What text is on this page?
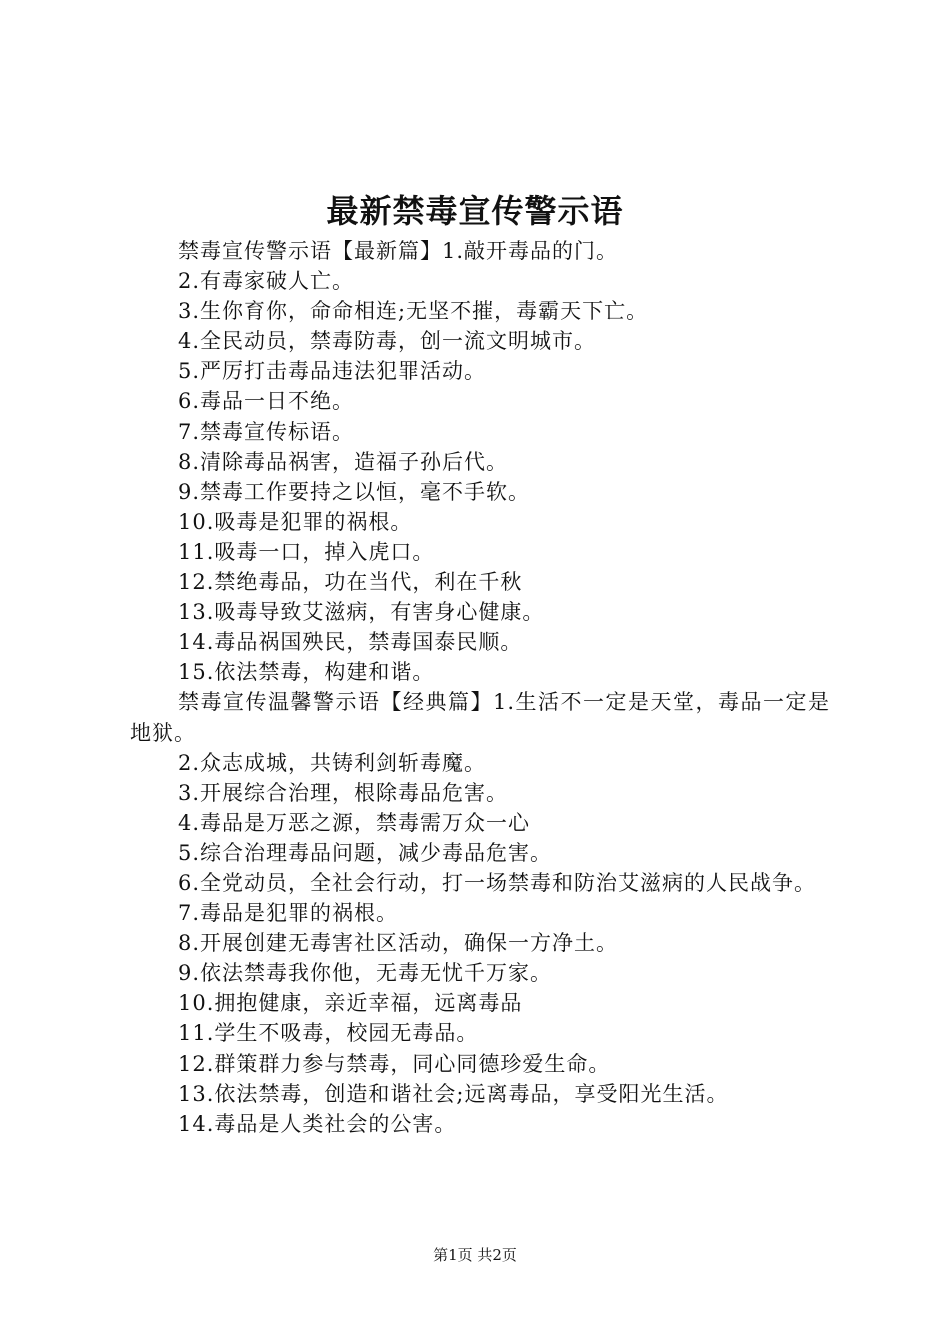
最新禁毒宣传警示语

禁毒宣传警示语【最新篇】1.敲开毒品的门。

2.有毒家破人亡。

3.生你育你，命命相连;无坚不摧，毒霸天下亡。

4.全民动员，禁毒防毒，创一流文明城市。

5.严厉打击毒品违法犯罪活动。

6.毒品一日不绝。

7.禁毒宣传标语。

8.清除毒品祸害，造福子孙后代。

9.禁毒工作要持之以恒，毫不手软。

10.吸毒是犯罪的祸根。

11.吸毒一口，掉入虎口。

12.禁绝毒品，功在当代，利在千秋

13.吸毒导致艾滋病，有害身心健康。

14.毒品祸国殃民，禁毒国泰民顺。

15.依法禁毒，构建和谐。

禁毒宣传温馨警示语【经典篇】1.生活不一定是天堂，毒品一定是地狱。

2.众志成城，共铸利剑斩毒魔。

3.开展综合治理，根除毒品危害。

4.毒品是万恶之源，禁毒需万众一心

5.综合治理毒品问题，减少毒品危害。

6.全党动员，全社会行动，打一场禁毒和防治艾滋病的人民战争。

7.毒品是犯罪的祸根。

8.开展创建无毒害社区活动，确保一方净土。

9.依法禁毒我你他，无毒无忧千万家。

10.拥抱健康，亲近幸福，远离毒品

11.学生不吸毒，校园无毒品。

12.群策群力参与禁毒，同心同德珍爱生命。

13.依法禁毒，创造和谐社会;远离毒品，享受阳光生活。

14.毒品是人类社会的公害。

第1页 共2页
